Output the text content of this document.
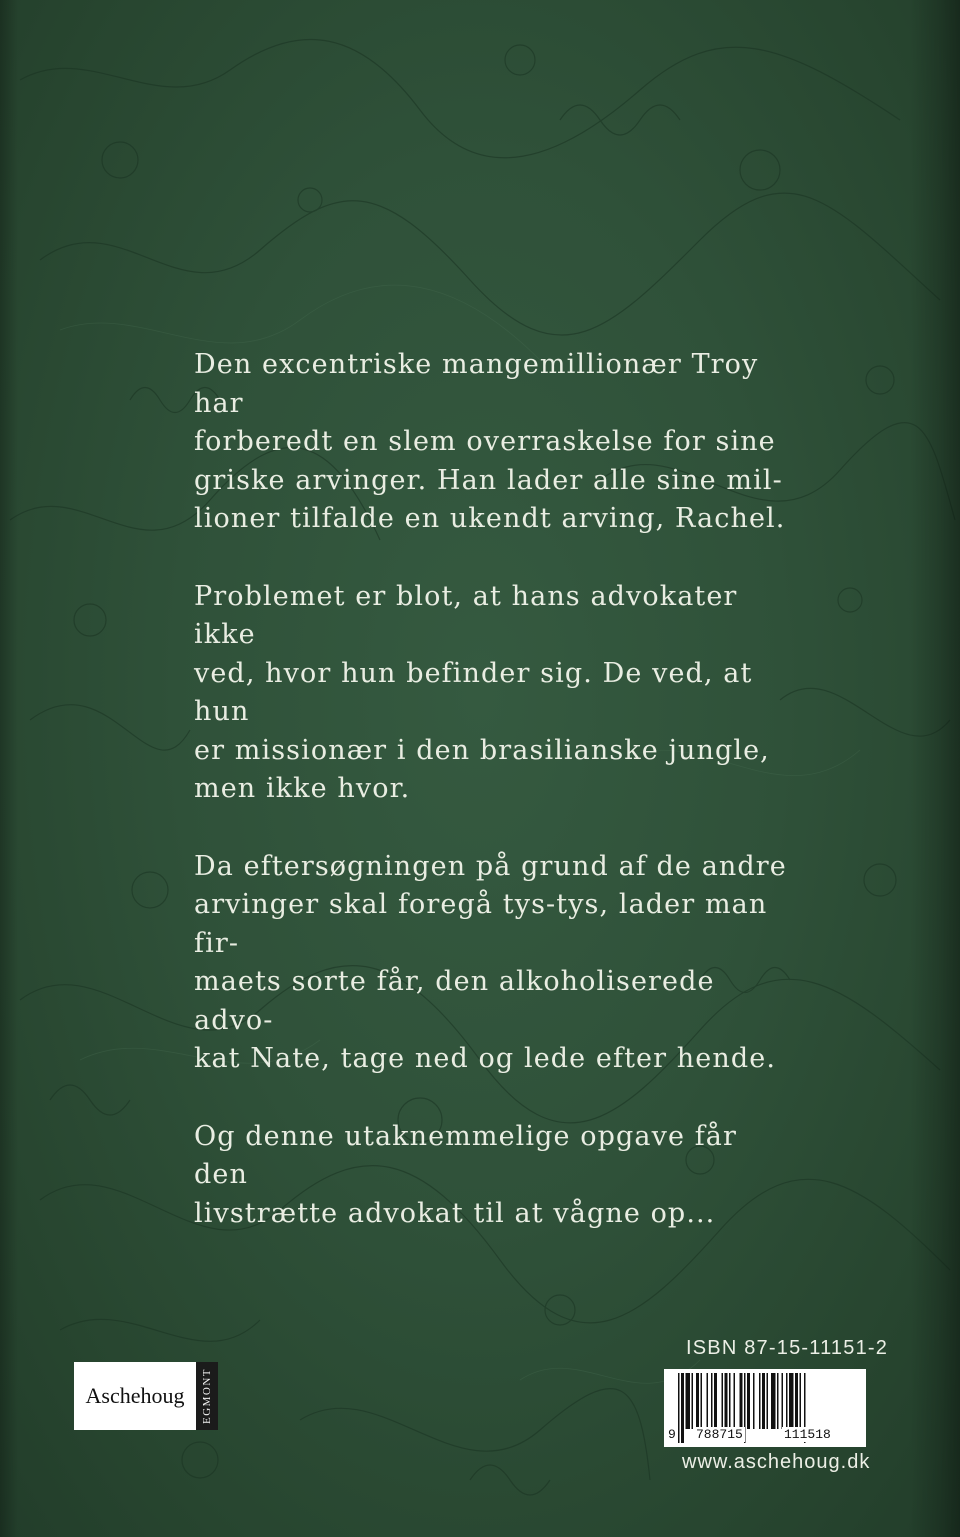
Den excentriske mangemillionær Troy har
forberedt en slem overraskelse for sine
griske arvinger. Han lader alle sine mil-
lioner tilfalde en ukendt arving, Rachel.

Problemet er blot, at hans advokater ikke
ved, hvor hun befinder sig. De ved, at hun
er missionær i den brasilianske jungle,
men ikke hvor.

Da eftersøgningen på grund af de andre
arvinger skal foregå tys-tys, lader man fir-
maets sorte får, den alkoholiserede advo-
kat Nate, tage ned og lede efter hende.

Og denne utaknemmelige opgave får den
livstrætte advokat til at vågne op...

Aschehoug	EGMONT
ISBN 87-15-11151-2
9 788715	111518
www.aschehoug.dk
